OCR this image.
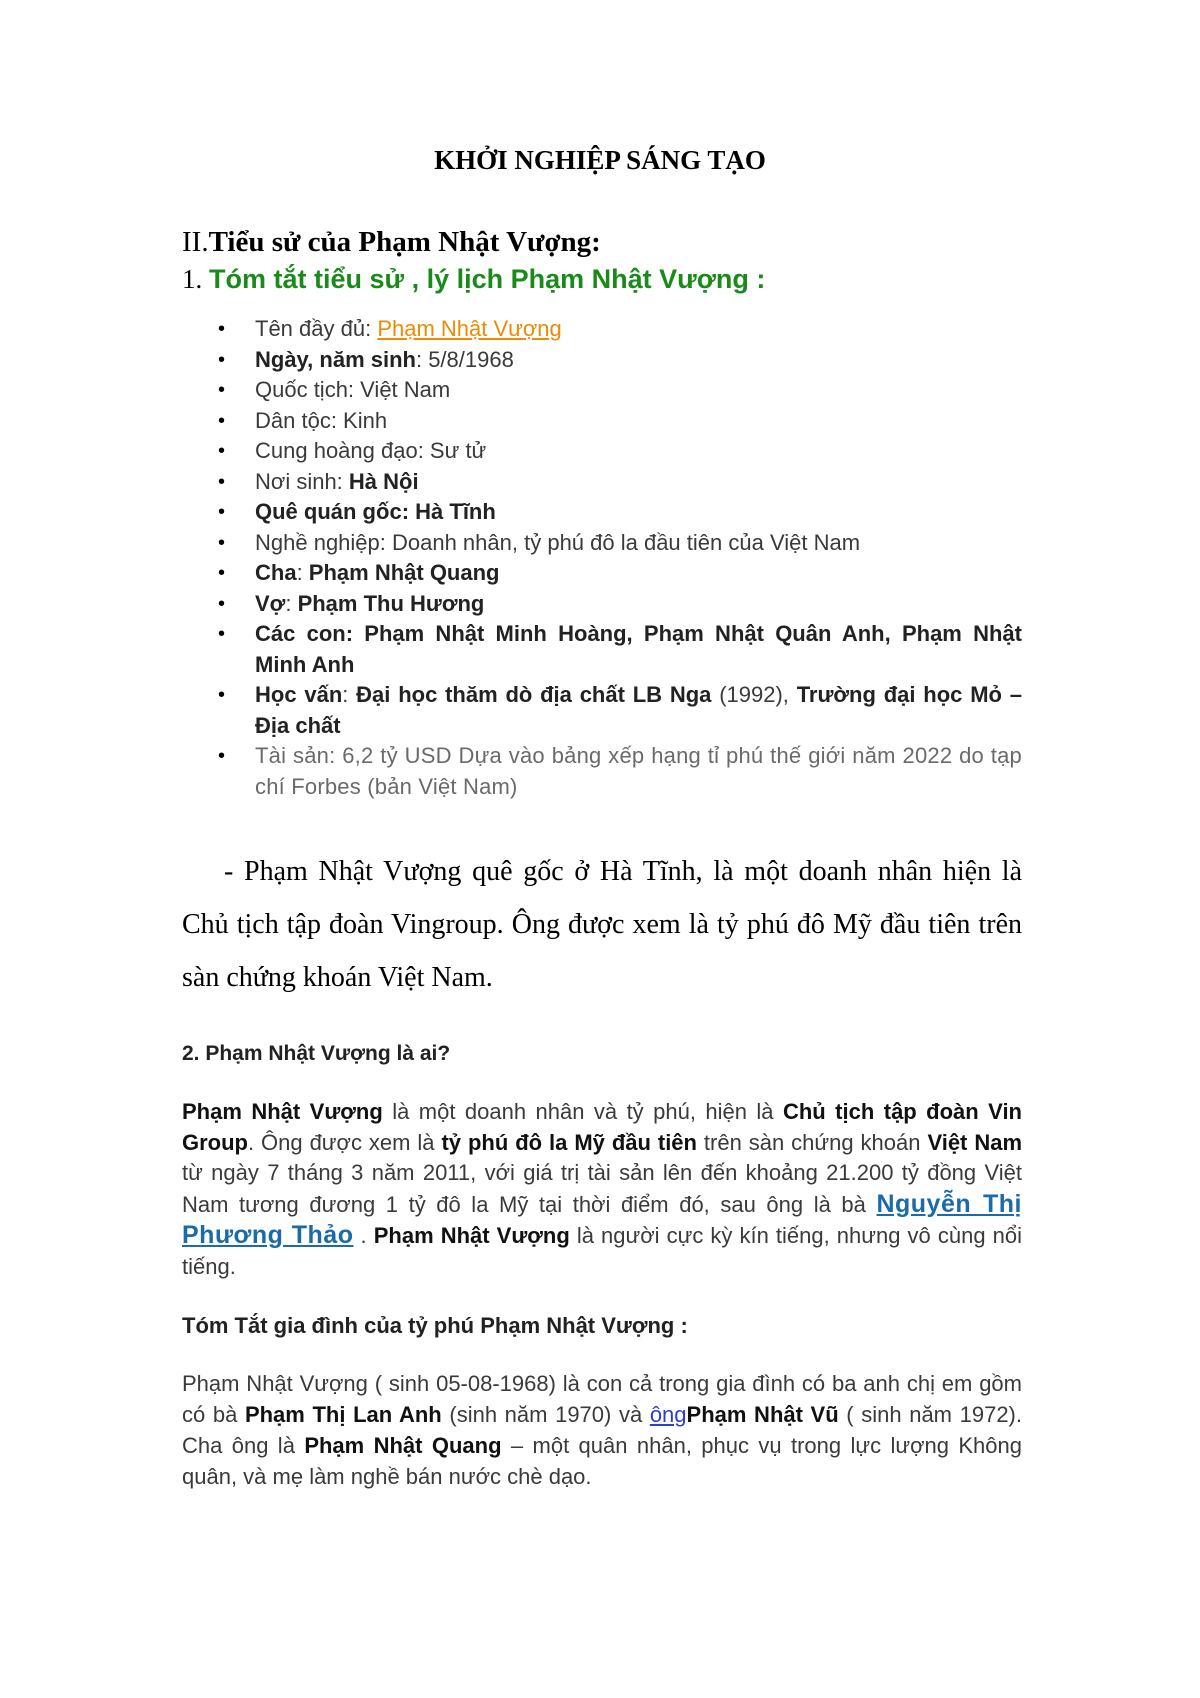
KHỞI NGHIỆP SÁNG TẠO
II.Tiểu sử của Phạm Nhật Vượng:
1. Tóm tắt tiểu sử , lý lịch Phạm Nhật Vượng :
• Tên đầy đủ: Phạm Nhật Vượng
• Ngày, năm sinh: 5/8/1968
• Quốc tịch: Việt Nam
• Dân tộc: Kinh
• Cung hoàng đạo: Sư tử
• Nơi sinh: Hà Nội
• Quê quán gốc: Hà Tĩnh
• Nghề nghiệp: Doanh nhân, tỷ phú đô la đầu tiên của Việt Nam
• Cha: Phạm Nhật Quang
• Vợ: Phạm Thu Hương
• Các con: Phạm Nhật Minh Hoàng, Phạm Nhật Quân Anh, Phạm Nhật Minh Anh
• Học vấn: Đại học thăm dò địa chất LB Nga (1992), Trường đại học Mỏ – Địa chất
• Tài sản: 6,2 tỷ USD Dựa vào bảng xếp hạng tỉ phú thế giới năm 2022 do tạp chí Forbes (bản Việt Nam)

- Phạm Nhật Vượng quê gốc ở Hà Tĩnh, là một doanh nhân hiện là Chủ tịch tập đoàn Vingroup. Ông được xem là tỷ phú đô Mỹ đầu tiên trên sàn chứng khoán Việt Nam.

2. Phạm Nhật Vượng là ai?

Phạm Nhật Vượng là một doanh nhân và tỷ phú, hiện là Chủ tịch tập đoàn Vin Group. Ông được xem là tỷ phú đô la Mỹ đầu tiên trên sàn chứng khoán Việt Nam từ ngày 7 tháng 3 năm 2011, với giá trị tài sản lên đến khoảng 21.200 tỷ đồng Việt Nam tương đương 1 tỷ đô la Mỹ tại thời điểm đó, sau ông là bà Nguyễn Thị Phương Thảo . Phạm Nhật Vượng là người cực kỳ kín tiếng, nhưng vô cùng nổi tiếng.

Tóm Tắt gia đình của tỷ phú Phạm Nhật Vượng :

Phạm Nhật Vượng ( sinh 05-08-1968) là con cả trong gia đình có ba anh chị em gồm có bà Phạm Thị Lan Anh (sinh năm 1970) và ôngPhạm Nhật Vũ ( sinh năm 1972). Cha ông là Phạm Nhật Quang – một quân nhân, phục vụ trong lực lượng Không quân, và mẹ làm nghề bán nước chè dạo.
